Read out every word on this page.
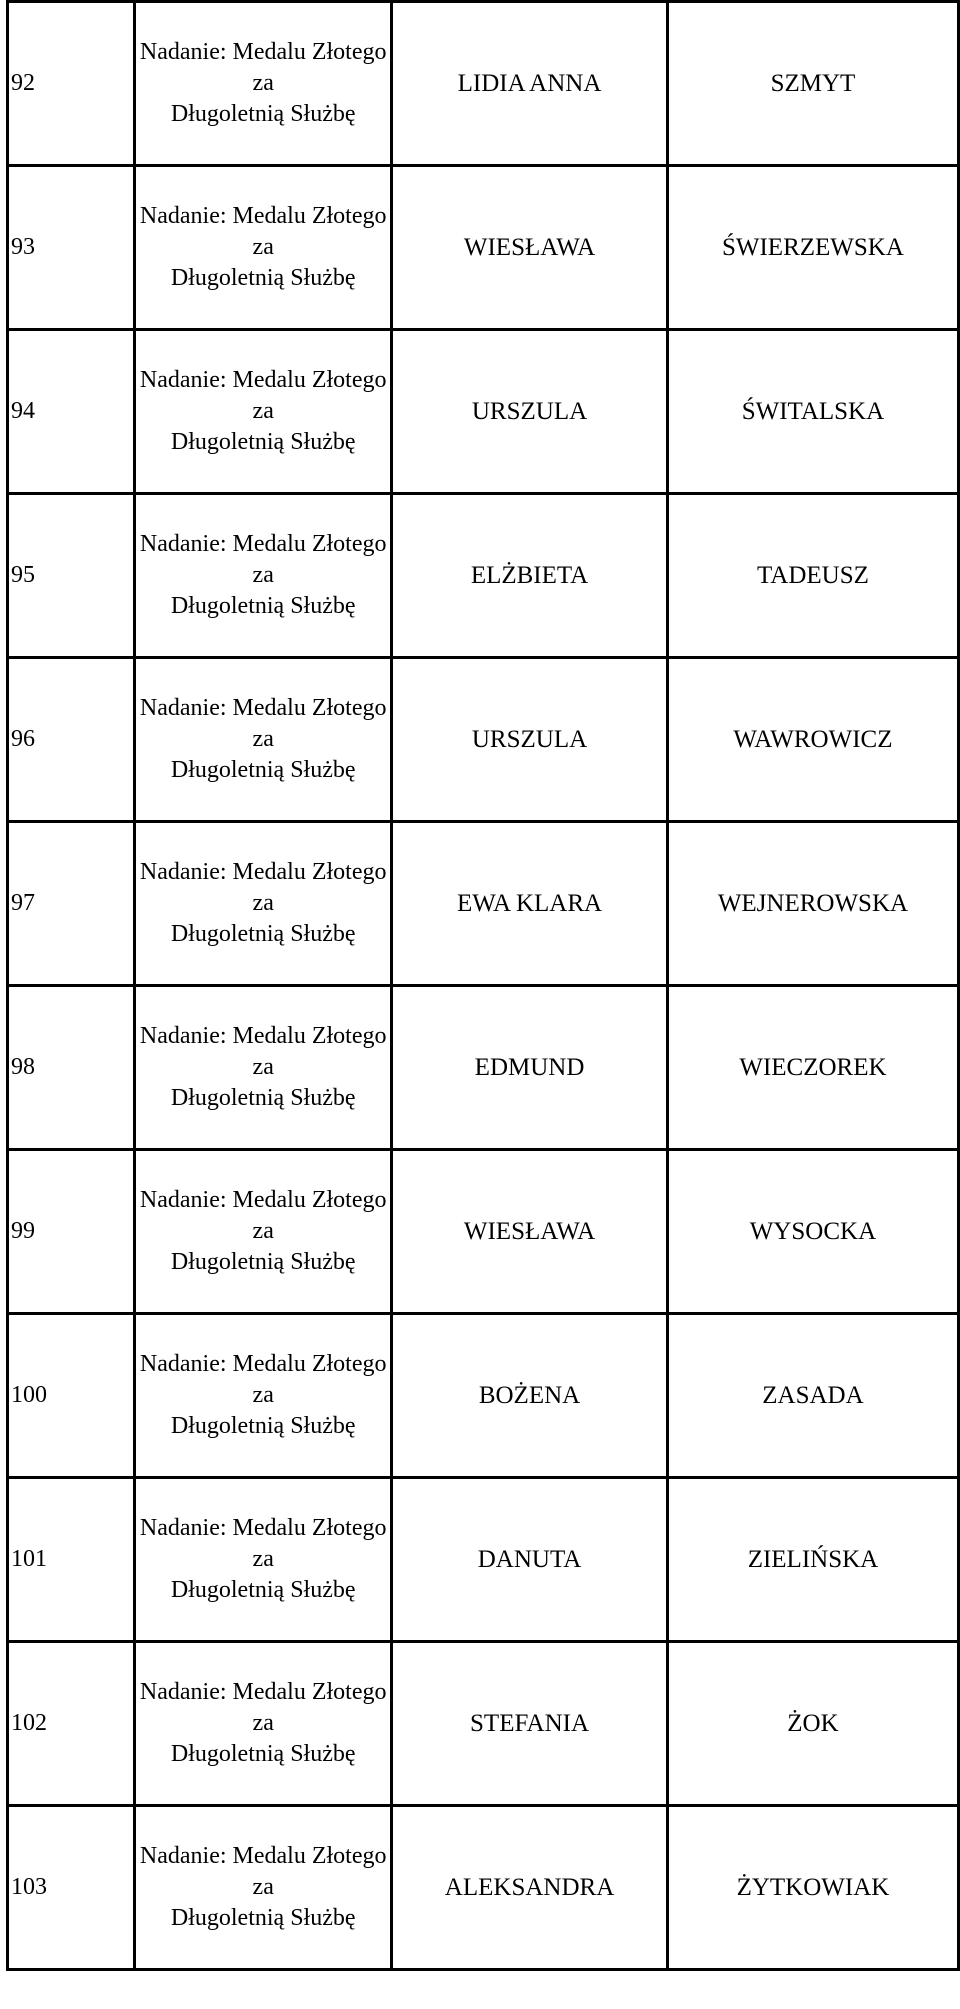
92	Nadanie: Medalu Złotego za
Długoletnią Służbę	LIDIA ANNA	SZMYT

93	Nadanie: Medalu Złotego za
Długoletnią Służbę	WIESŁAWA	ŚWIERZEWSKA

94	Nadanie: Medalu Złotego za
Długoletnią Służbę	URSZULA	ŚWITALSKA

95	Nadanie: Medalu Złotego za
Długoletnią Służbę	ELŻBIETA	TADEUSZ

96	Nadanie: Medalu Złotego za
Długoletnią Służbę	URSZULA	WAWROWICZ

97	Nadanie: Medalu Złotego za
Długoletnią Służbę	EWA KLARA	WEJNEROWSKA

98	Nadanie: Medalu Złotego za
Długoletnią Służbę	EDMUND	WIECZOREK

99	Nadanie: Medalu Złotego za
Długoletnią Służbę	WIESŁAWA	WYSOCKA

100	Nadanie: Medalu Złotego za
Długoletnią Służbę	BOŻENA	ZASADA

101	Nadanie: Medalu Złotego za
Długoletnią Służbę	DANUTA	ZIELIŃSKA

102	Nadanie: Medalu Złotego za
Długoletnią Służbę	STEFANIA	ŻOK

103	Nadanie: Medalu Złotego za
Długoletnią Służbę	ALEKSANDRA	ŻYTKOWIAK
